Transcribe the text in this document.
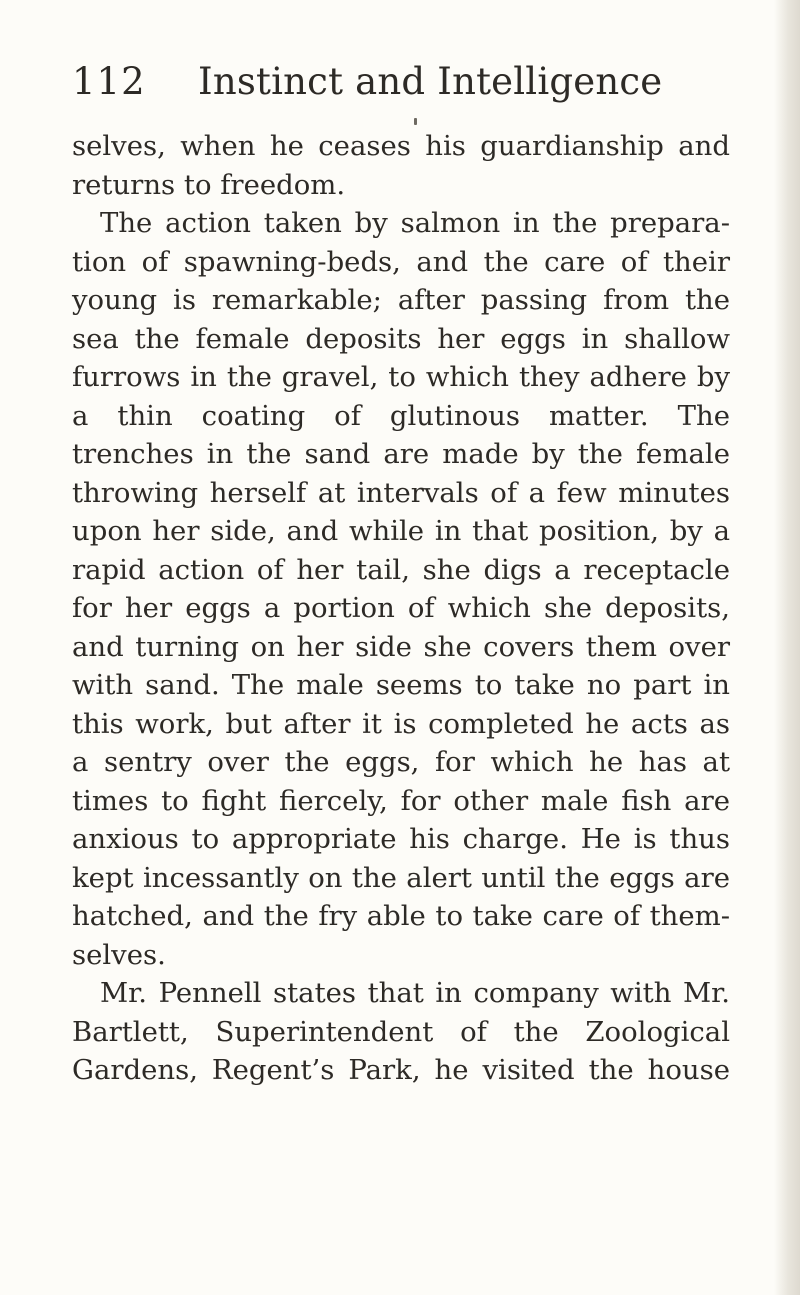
112	Instinct and Intelligence
selves, when he ceases his guardianship and
returns to freedom.
The action taken by salmon in the prepara-
tion of spawning-beds, and the care of their
young is remarkable; after passing from the
sea the female deposits her eggs in shallow
furrows in the gravel, to which they adhere by
a thin coating of glutinous matter. The
trenches in the sand are made by the female
throwing herself at intervals of a few minutes
upon her side, and while in that position, by a
rapid action of her tail, she digs a receptacle
for her eggs a portion of which she deposits,
and turning on her side she covers them over
with sand. The male seems to take no part in
this work, but after it is completed he acts as
a sentry over the eggs, for which he has at
times to fight fiercely, for other male fish are
anxious to appropriate his charge. He is thus
kept incessantly on the alert until the eggs are
hatched, and the fry able to take care of them-
selves.
Mr. Pennell states that in company with Mr.
Bartlett, Superintendent of the Zoological
Gardens, Regent’s Park, he visited the house
